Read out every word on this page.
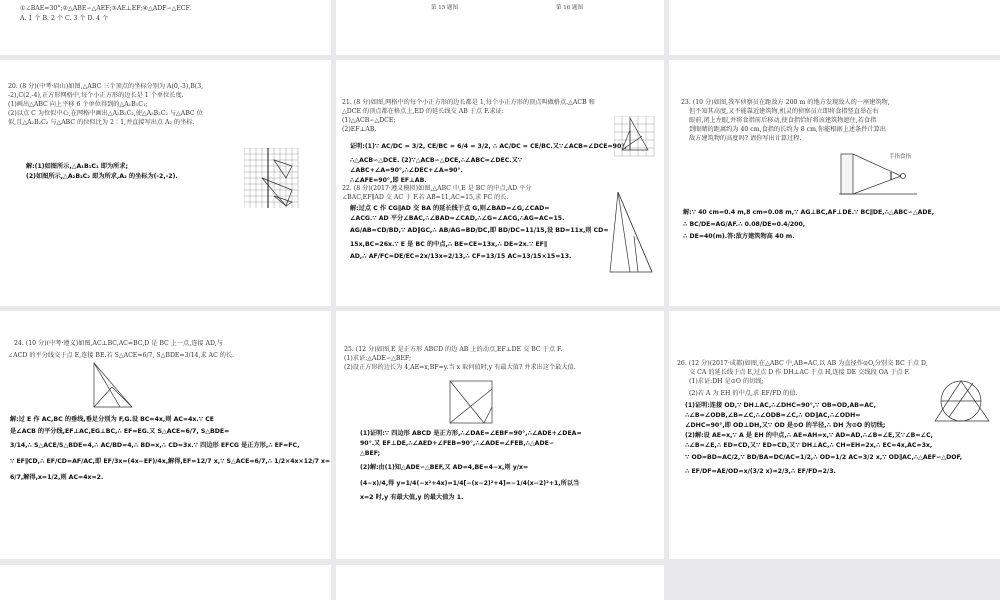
①∠BAE=30°;②△ABE∽△AEF;③AE⊥EF;④△ADF∽△ECF.
A. 1 个 B. 2 个 C. 3 个 D. 4 个
第 15 题图	第 16 题图
20. (8 分)(中考·眉山)如图,△ABC 三个顶点的坐标分别为 A(0,-3),B(3,
-2),C(2,-4),正方形网格中,每个小正方形的边长是 1 个单位长度.
(1)画出△ABC 向上平移 6 个单位得到的△A₁B₁C₁;
(2)以点 C 为位似中心,在网格中画出△A₂B₂C₂,使△A₂B₂C₂ 与△ABC 位
似,且△A₂B₂C₂ 与△ABC 的位似比为 2∶1,并直接写出点 A₂ 的坐标.
解:(1)如图所示,△A₁B₁C₁ 即为所求;
(2)如图所示,△A₂B₂C₂ 即为所求,A₂ 的坐标为(-2,-2).
21. (8 分)如图,网格中的每个小正方形的边长都是 1,每个小正方形的顶点叫做格点.△ACB 和
△DCE 的顶点都在格点上,ED 的延长线交 AB 于点 F.求证:
(1)△ACB∽△DCE;
(2)EF⊥AB.
证明:(1)∵ AC/DC = 3/2, CE/BC = 6/4 = 3/2, ∴ AC/DC = CE/BC.又∵∠ACB=∠DCE=90°,
∴△ACB∽△DCE. (2)∵△ACB∽△DCE,∴∠ABC=∠DEC.又∵
∠ABC+∠A=90°,∴∠DEC+∠A=90°.
∴∠AFE=90°,即 EF⊥AB.
22. (8 分)(2017·遵义模拟)如图,△ABC 中,E 是 BC 的中点,AD 平分
∠BAC,EF∥AD 交 AC 于 F.若 AB=11,AC=15,求 FC 的长.
解:过点 C 作 CG∥AD 交 BA 的延长线于点 G,则∠BAD=∠G,∠CAD=
∠ACG.∵ AD 平分∠BAC,∴∠BAD=∠CAD,∴∠G=∠ACG,∴AG=AC=15.
AG/AB=CD/BD,∵ AD∥GC,∴ AB/AG=BD/DC,即 BD/DC=11/15,设 BD=11x,则 CD=
15x,BC=26x.∵ E 是 BC 的中点,∴ BE=CE=13x,∴ DE=2x.∵ EF∥
AD,∴ AF/FC=DE/EC=2x/13x=2/13,∴ CF=13/15 AC=13/15×15=13.
23. (10 分)如图,我军侦察员在距敌方 200 m 的地方发现敌人的一座建筑物,
但不知其高度,又不能靠近建筑物,机灵的侦察员立即将食指竖直举在右
眼前,闭上左眼,并将食指前后移动,使食指恰好将该建筑物遮住,若食指
到眼睛的距离约为 40 cm,食指的长约为 8 cm,你能根据上述条件计算出
敌方建筑物的高度吗? 请你写出计算过程.
手指食指
解:∵ 40 cm=0.4 m,8 cm=0.08 m,∵ AG⊥BC,AF⊥DE.∵ BC∥DE,∴△ABC∽△ADE,
∴ BC/DE=AG/AF.∴ 0.08/DE=0.4/200,
∴ DE=40(m).答:敌方建筑物高 40 m.
24. (10 分)(中考·遵义)如图,AC⊥BC,AC=BC,D 是 BC 上一点,连接 AD,与
∠ACD 的平分线交于点 E,连接 BE.若 S△ACE=6/7, S△BDE=3/14,求 AC 的长.
解:过 E 作 AC,BC 的垂线,垂足分别为 F,G.设 BC=4x,则 AC=4x.∵ CE
是∠ACB 的平分线,EF⊥AC,EG⊥BC,∴ EF=EG.又 S△ACE=6/7, S△BDE=
3/14,∴ S△ACE/S△BDE=4,∴ AC/BD=4,∴ BD=x,∴ CD=3x.∵ 四边形 EFCG 是正方形,∴ EF=FC,
∵ EF∥CD,∴ EF/CD=AF/AC,即 EF/3x=(4x−EF)/4x,解得,EF=12/7 x,∵ S△ACE=6/7,∴ 1/2×4x×12/7 x=
6/7,解得,x=1/2,则 AC=4x=2.
25. (12 分)如图,E 是正方形 ABCD 的边 AB 上的动点,EF⊥DE 交 BC 于点 F.
(1)求证:△ADE∽△BEF;
(2)设正方形的边长为 4,AE=x,BF=y.当 x 取何值时,y 有最大值? 并求出这个最大值.
(1)证明:∵ 四边形 ABCD 是正方形,∴∠DAE=∠EBF=90°,∴∠ADE+∠DEA=
90°.又 EF⊥DE,∴∠AED+∠FEB=90°,∴∠ADE=∠FEB,∴△ADE∽
△BEF;
(2)解:由(1)知△ADE∽△BEF,又 AD=4,BE=4−x,则 y/x=
(4−x)/4,得 y=1/4(−x²+4x)=1/4[−(x−2)²+4]=−1/4(x−2)²+1,所以当
x=2 时,y 有最大值,y 的最大值为 1.
26. (12 分)(2017·成都)如图,在△ABC 中,AB=AC,以 AB 为直径作⊙O,分别交 BC 于点 D,
交 CA 的延长线于点 E,过点 D 作 DH⊥AC 于点 H,连接 DE 交线段 OA 于点 F.
(1)求证:DH 是⊙O 的切线;
(2)若 A 为 EH 的中点,求 EF/FD 的值.
(1)证明:连接 OD,∵ DH⊥AC,∴∠DHC=90°,∵ OB=OD,AB=AC,
∴∠B=∠ODB,∠B=∠C,∴∠ODB=∠C,∴ OD∥AC,∴∠ODH=
∠DHC=90°,即 OD⊥DH,又∵ OD 是⊙O 的半径,∴ DH 为⊙O 的切线;
(2)解:设 AE=x,∵ A 是 EH 的中点,∴ AE=AH=x,∵ AD=AD,∴∠B=∠E,又∵∠B=∠C,
∴∠B=∠E,∴ ED=CD,又∵ ED=CD,又∵ DH⊥AC,∴ CH=EH=2x,∴ EC=4x,AC=3x,
∵ OD=BD=AC/2,∵ BD/BA=DC/AC=1/2,∴ OD=1/2 AC=3/2 x,∵ OD∥AC,∴△AEF∽△DOF,
∴ EF/DF=AE/OD=x/(3/2 x)=2/3,∴ EF/FD=2/3.
